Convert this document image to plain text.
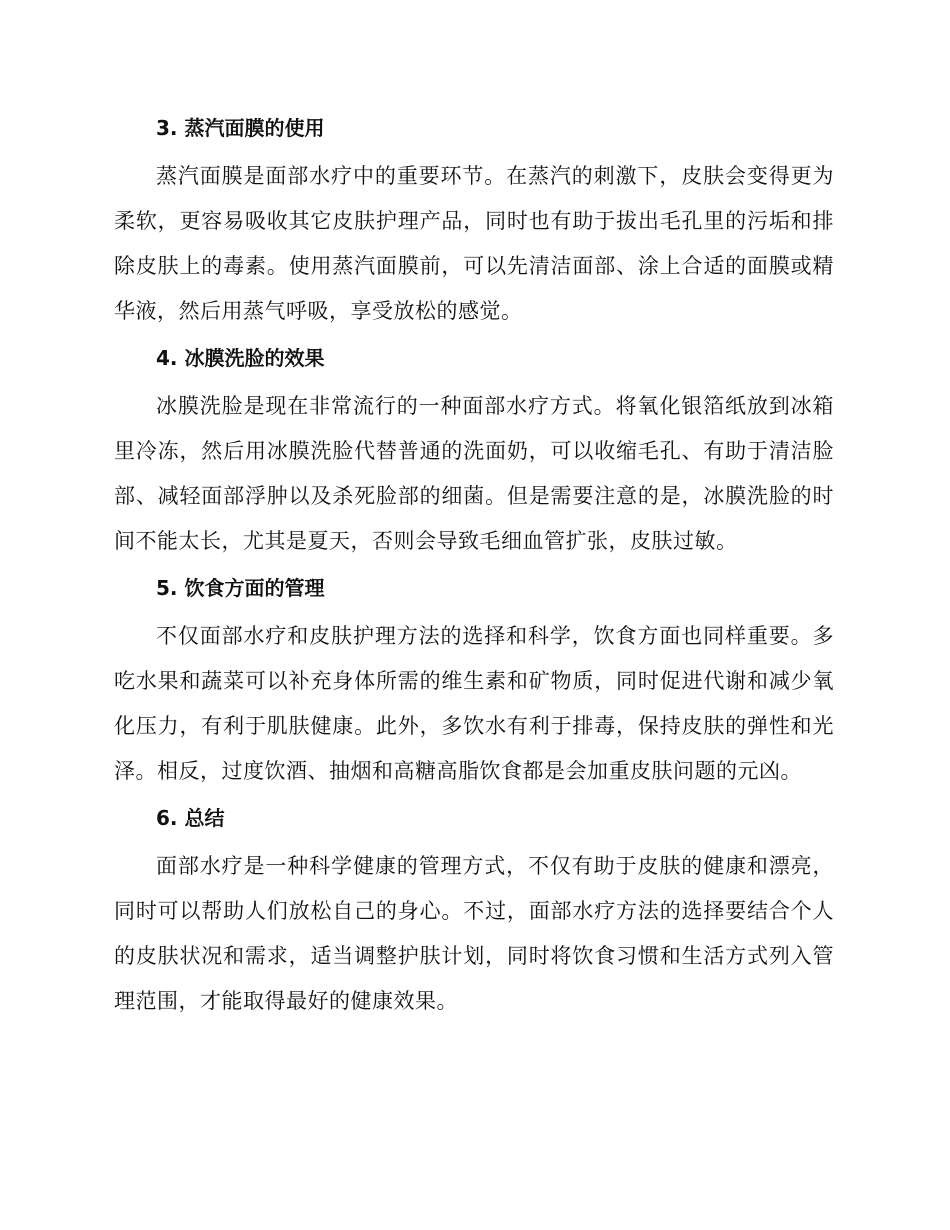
3. 蒸汽面膜的使用

蒸汽面膜是面部水疗中的重要环节。在蒸汽的刺激下，皮肤会变得更为柔软，更容易吸收其它皮肤护理产品，同时也有助于拔出毛孔里的污垢和排除皮肤上的毒素。使用蒸汽面膜前，可以先清洁面部、涂上合适的面膜或精华液，然后用蒸气呼吸，享受放松的感觉。

4. 冰膜洗脸的效果

冰膜洗脸是现在非常流行的一种面部水疗方式。将氧化银箔纸放到冰箱里冷冻，然后用冰膜洗脸代替普通的洗面奶，可以收缩毛孔、有助于清洁脸部、减轻面部浮肿以及杀死脸部的细菌。但是需要注意的是，冰膜洗脸的时间不能太长，尤其是夏天，否则会导致毛细血管扩张，皮肤过敏。

5. 饮食方面的管理

不仅面部水疗和皮肤护理方法的选择和科学，饮食方面也同样重要。多吃水果和蔬菜可以补充身体所需的维生素和矿物质，同时促进代谢和减少氧化压力，有利于肌肤健康。此外，多饮水有利于排毒，保持皮肤的弹性和光泽。相反，过度饮酒、抽烟和高糖高脂饮食都是会加重皮肤问题的元凶。

6. 总结

面部水疗是一种科学健康的管理方式，不仅有助于皮肤的健康和漂亮，同时可以帮助人们放松自己的身心。不过，面部水疗方法的选择要结合个人的皮肤状况和需求，适当调整护肤计划，同时将饮食习惯和生活方式列入管理范围，才能取得最好的健康效果。
